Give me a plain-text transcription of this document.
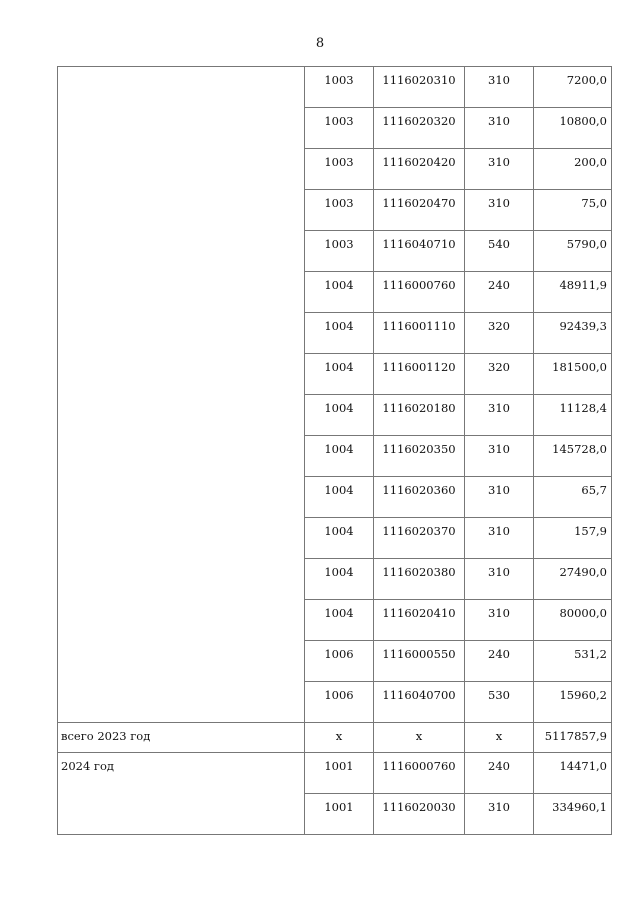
8

	1003	1116020310	310	7200,0

	1003	1116020320	310	10800,0

	1003	1116020420	310	200,0

	1003	1116020470	310	75,0

	1003	1116040710	540	5790,0

	1004	1116000760	240	48911,9

	1004	1116001110	320	92439,3

	1004	1116001120	320	181500,0

	1004	1116020180	310	11128,4

	1004	1116020350	310	145728,0

	1004	1116020360	310	65,7

	1004	1116020370	310	157,9

	1004	1116020380	310	27490,0

	1004	1116020410	310	80000,0

	1006	1116000550	240	531,2

	1006	1116040700	530	15960,2

всего 2023 год	x	x	x	5117857,9

2024 год	1001	1116000760	240	14471,0

	1001	1116020030	310	334960,1
